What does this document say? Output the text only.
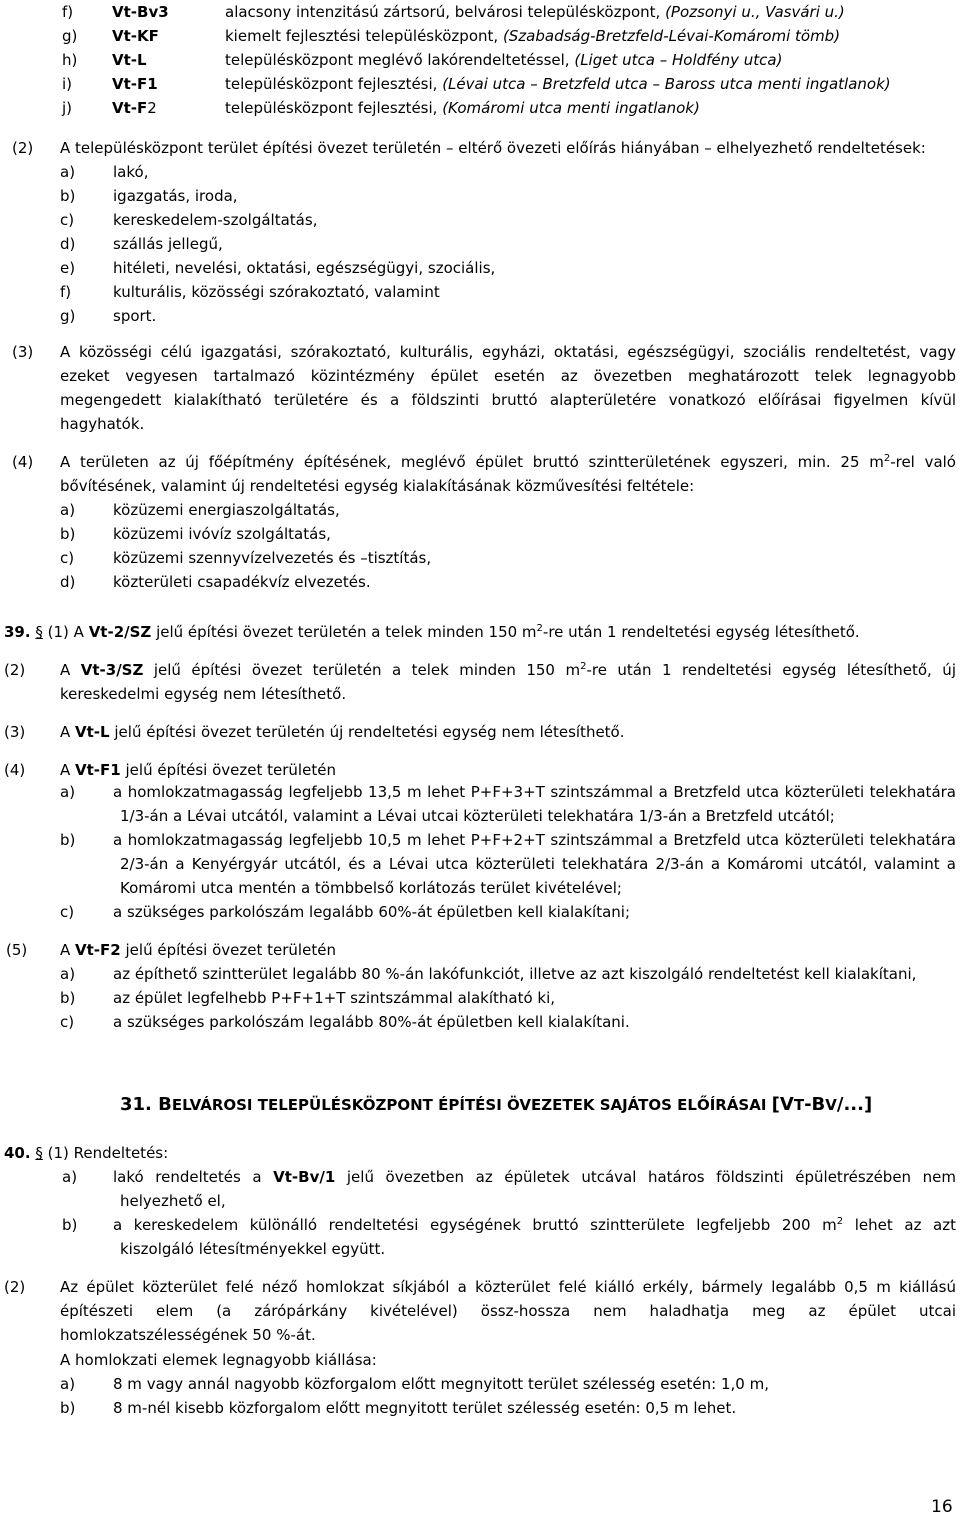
f)	Vt-Bv3	alacsony intenzitású zártsorú, belvárosi településközpont, (Pozsonyi u., Vasvári u.)
g) Vt-KF	kiemelt fejlesztési településközpont, (Szabadság-Bretzfeld-Lévai-Komáromi tömb)
h) Vt-L	településközpont meglévő lakórendeltetéssel, (Liget utca – Holdfény utca)
i)	Vt-F1	településközpont fejlesztési, (Lévai utca – Bretzfeld utca – Baross utca menti ingatlanok)
j)	Vt-F2	településközpont fejlesztési, (Komáromi utca menti ingatlanok)
(2) A településközpont terület építési övezet területén – eltérő övezeti előírás hiányában – elhelyezhető rendeltetések:
a)	lakó,
b)	igazgatás, iroda,
c)	kereskedelem-szolgáltatás,
d)	szállás jellegű,
e)	hitéleti, nevelési, oktatási, egészségügyi, szociális,
f)	kulturális, közösségi szórakoztató, valamint
g)	sport.
(3) A közösségi célú igazgatási, szórakoztató, kulturális, egyházi, oktatási, egészségügyi, szociális rendeltetést, vagy
ezeket vegyesen tartalmazó közintézmény épület esetén az övezetben meghatározott telek legnagyobb
megengedett kialakítható területére és a földszinti bruttó alapterületére vonatkozó előírásai figyelmen kívül
hagyhatók.
(4) A területen az új főépítmény építésének, meglévő épület bruttó szintterületének egyszeri, min. 25 $m^2$-rel való
bővítésének, valamint új rendeltetési egység kialakításának közművesítési feltétele:
a)	közüzemi energiaszolgáltatás,
b)	közüzemi ivóvíz szolgáltatás,
c)	közüzemi szennyvízelvezetés és –tisztítás,
d)	közterületi csapadékvíz elvezetés.
39. § (1) A Vt-2/SZ jelű építési övezet területén a telek minden 150 $m^2-re$ után 1 rendeltetési egység létesíthető.
(2) A Vt-3/SZ jelű építési övezet területén a telek minden 150 $m^2-re$ után 1 rendeltetési egység létesíthető, új
kereskedelmi egység nem létesíthető.
(3) A Vt-L jelű építési övezet területén új rendeltetési egység nem létesíthető.
(4) A Vt-F1 jelű építési övezet területén
a)	a homlokzatmagasság legfeljebb 13,5 m lehet P+F+3+T szintszámmal a Bretzfeld utca közterületi telekhatára
1/3-án a Lévai utcától, valamint a Lévai utcai közterületi telekhatára 1/3-án a Bretzfeld utcától;
b)	a homlokzatmagasság legfeljebb 10,5 m lehet P+F+2+T szintszámmal a Bretzfeld utca közterületi telekhatára
2/3-án a Kenyérgyár utcától, és a Lévai utca közterületi telekhatára 2/3-án a Komáromi utcától, valamint a
Komáromi utca mentén a tömbbelső korlátozás terület kivételével;
c)	a szükséges parkolószám legalább 60%-át épületben kell kialakítani;
(5) A Vt-F2 jelű építési övezet területén
a)	az építhető szintterület legalább 80 %-án lakófunkciót, illetve az azt kiszolgáló rendeltetést kell kialakítani,
b)	az épület legfelhebb P+F+1+T szintszámmal alakítható ki,
c)	a szükséges parkolószám legalább 80%-át épületben kell kialakítani.
31. BELVÁROSI TELEPÜLÉSKÖZPONT ÉPÍTÉSI ÖVEZETEK SAJÁTOS ELŐÍRÁSAI [VT-BV/...]
40. § (1) Rendeltetés:
a) lakó rendeltetés a Vt-Bv/1 jelű övezetben az épületek utcával határos földszinti épületrészében nem
helyezhető el,
b) a kereskedelem különálló rendeltetési egységének bruttó szintterülete legfeljebb 200 $m^2$ lehet az azt
kiszolgáló létesítményekkel együtt.
(2) Az épület közterület felé néző homlokzat síkjából a közterület felé kiálló erkély, bármely legalább 0,5 m kiállású
építészeti elem (a zárópárkány kivételével) össz-hossza nem haladhatja meg az épület utcai
homlokzatszélességének 50 %-át.
A homlokzati elemek legnagyobb kiállása:
a)	8 m vagy annál nagyobb közforgalom előtt megnyitott terület szélesség esetén: 1,0 m,
b)	8 m-nél kisebb közforgalom előtt megnyitott terület szélesség esetén: 0,5 m lehet.
16
